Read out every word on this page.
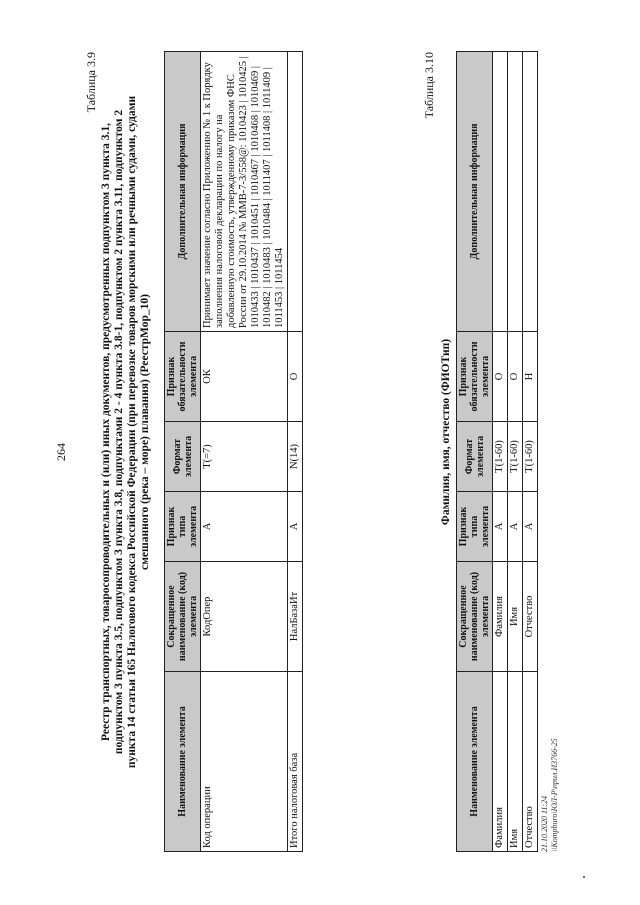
264
Таблица 3.9
Реестр транспортных, товаросопроводительных и (или) иных документов, предусмотренных подпунктом 3 пункта 3.1, подпунктом 3 пункта 3.5, подпунктом 3 пункта 3.8, подпунктами 2 - 4 пункта 3.8-1, подпунктом 2 пункта 3.11, подпунктом 2 пункта 14 статьи 165 Налогового кодекса Российской Федерации (при перевозке товаров морскими или речными судами, судами смешанного (река – море) плавания) (РеестрМор_10)
Наименование элемента	Сокращенное наименование (код) элемента	Признак типа элемента	Формат элемента	Признак обязательности элемента	Дополнительная информация
Код операции	КодОпер	А	Т(=7)	ОК	Принимает значение согласно Приложению № 1 к Порядку заполнения налоговой декларации по налогу на добавленную стоимость, утвержденному приказом ФНС России от 29.10.2014 № ММВ-7-3/558@: 1010423 | 1010425 | 1010433 | 1010437 | 1010451 | 1010467 | 1010468 | 1010469 | 1010482 | 1010483 | 1010484 | 1011407 | 1011408 | 1011409 | 1011453 | 1011454
Итого налоговая база	НалБазаИт	А	N(14)	О	
Таблица 3.10
Фамилия, имя, отчество (ФИОТип)
Наименование элемента	Сокращенное наименование (код) элемента	Признак типа элемента	Формат элемента	Признак обязательности элемента	Дополнительная информация
Фамилия	Фамилия	А	Т(1-60)	О	
Имя	Имя	А	Т(1-60)	О	
Отчество	Отчество	А	Т(1-60)	Н	
21.10.2020 11:24 \\Kompburo\ЮЛ-Р\прил.ИЗ766-25
